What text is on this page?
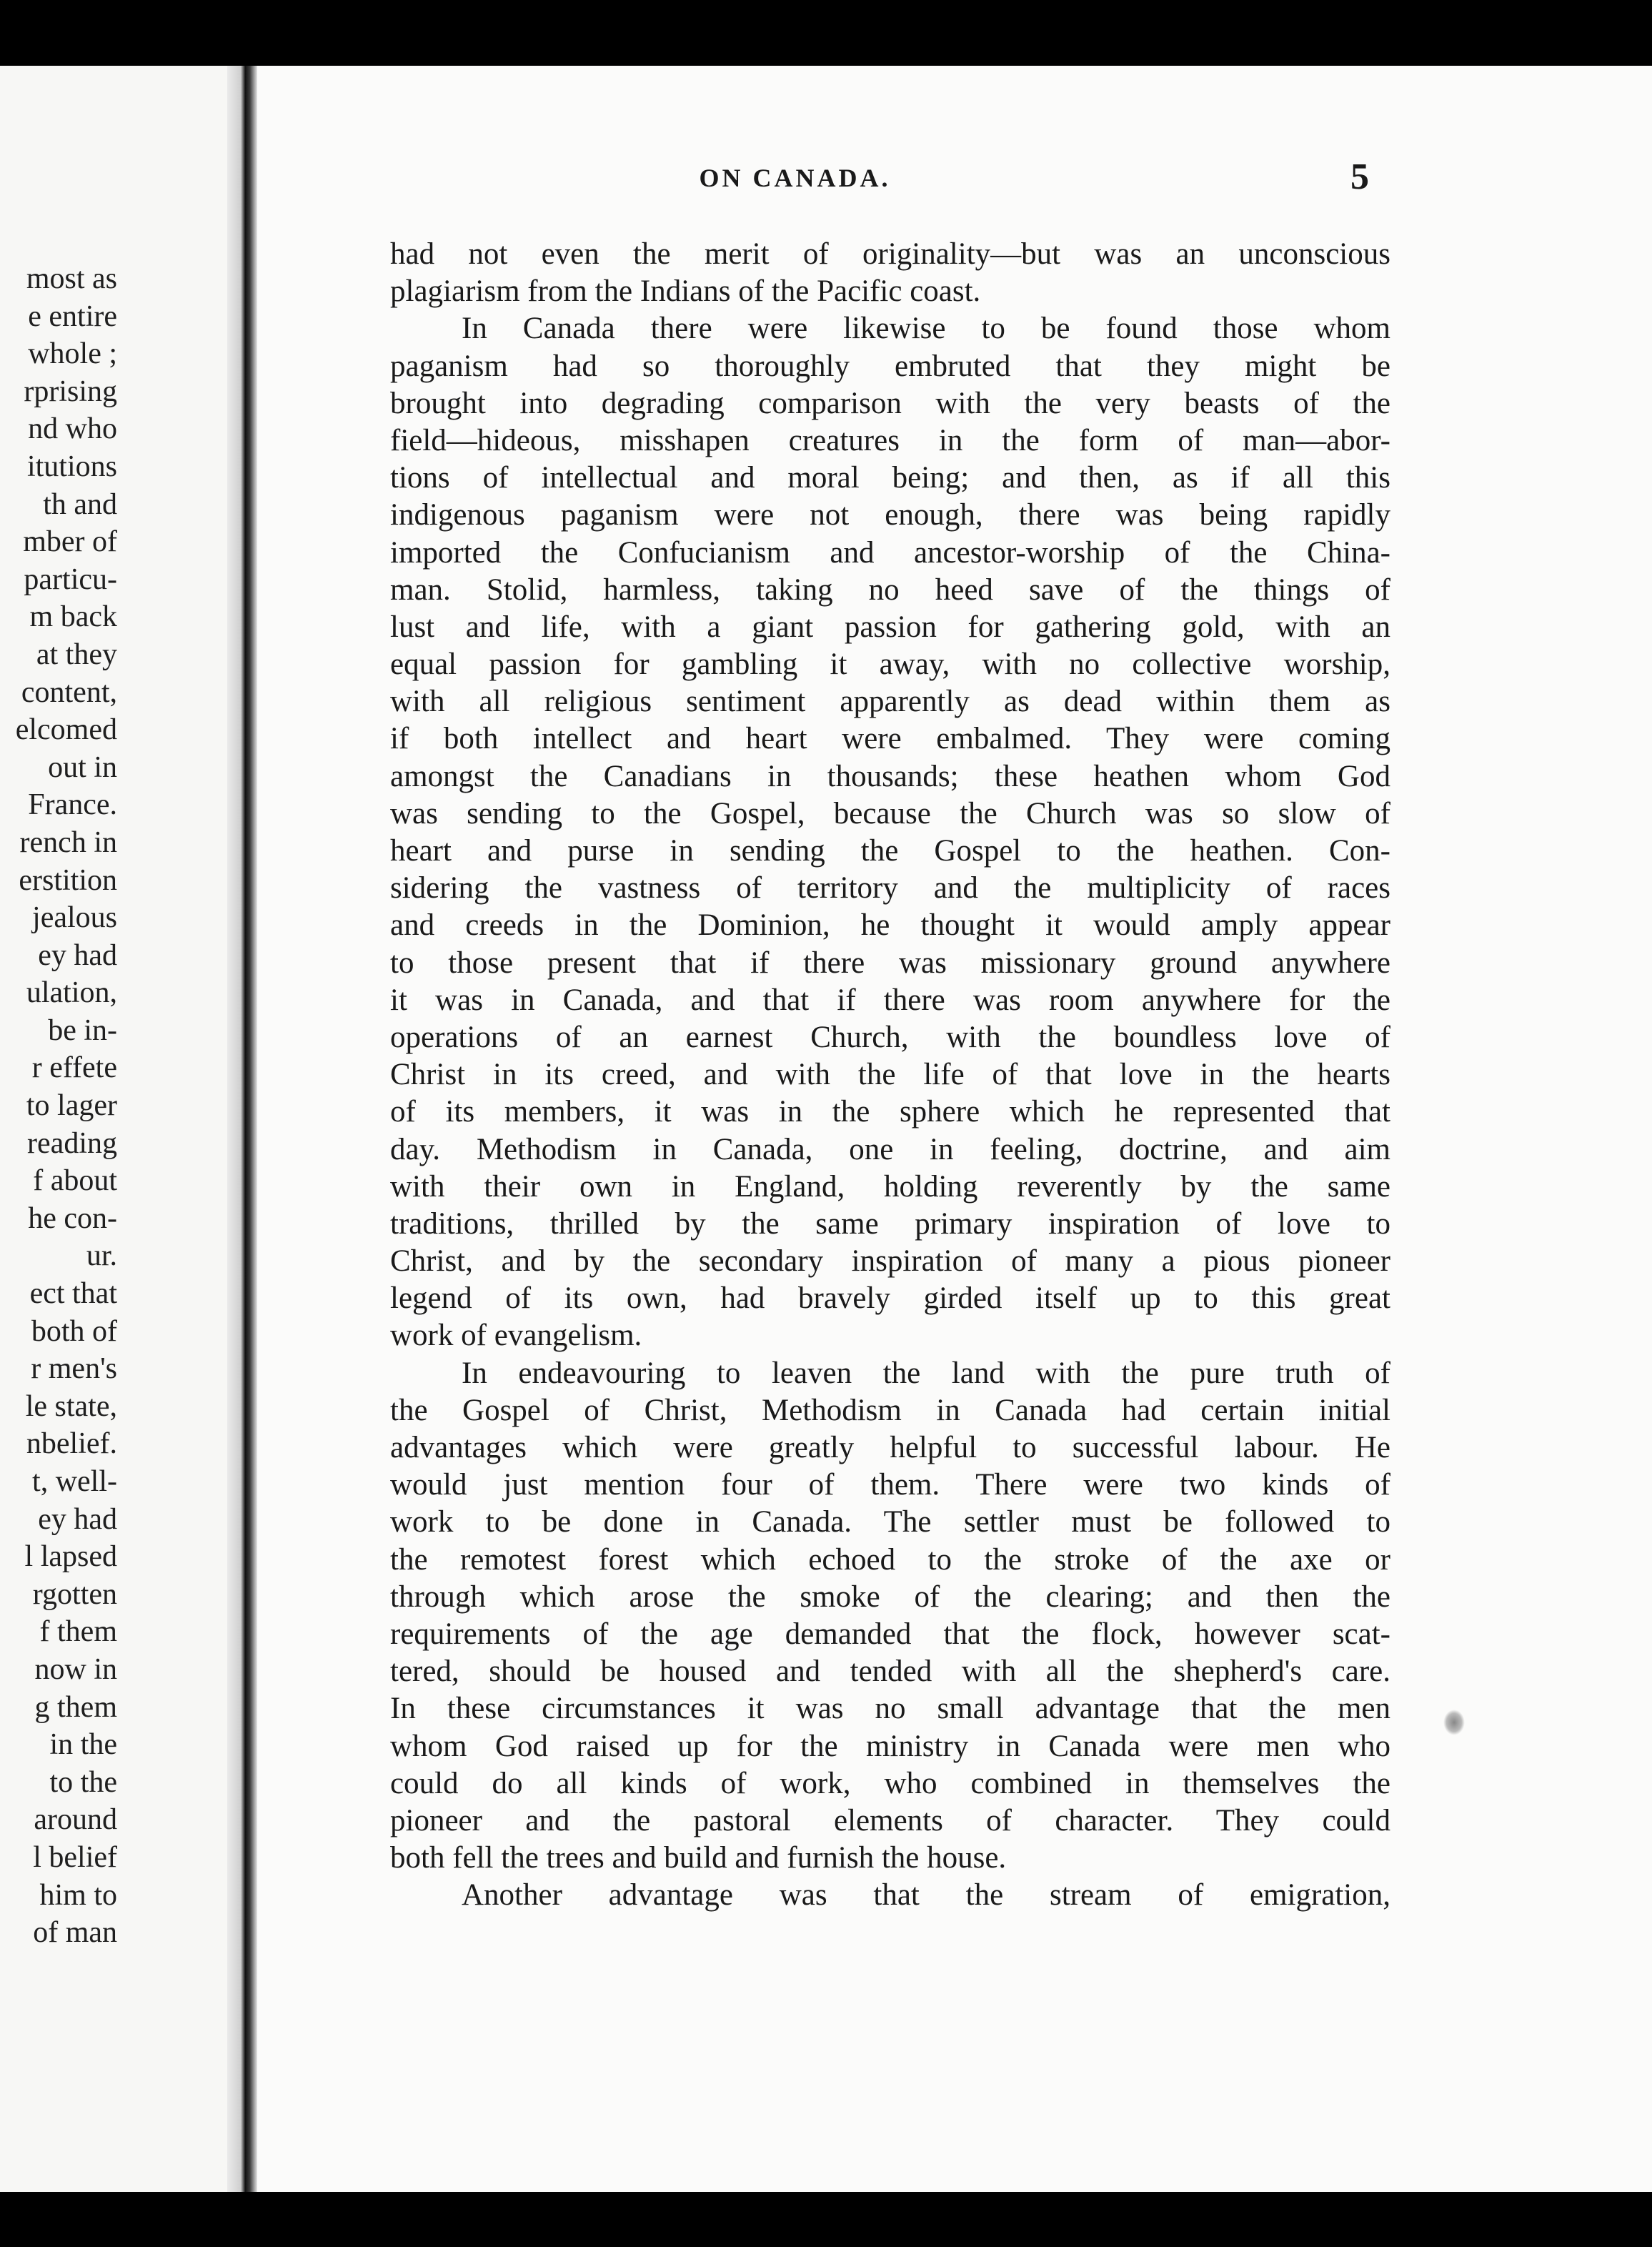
most as
e entire
whole ;
rprising
nd who
itutions
th and
mber of
particu-
m back
at they
content,
elcomed
out in
France.
rench in
erstition
jealous
ey had
ulation,
be in-
r effete
to lager
reading
f about
he con-
ur.
ect that
both of
r men's
le state,
nbelief.
t, well-
ey had
l lapsed
rgotten
f them
now in
g them
in the
to the
around
l belief
him to
of man
ON CANADA.	5
had not even the merit of originality—but was an unconscious
plagiarism from the Indians of the Pacific coast.
In Canada there were likewise to be found those whom
paganism had so thoroughly embruted that they might be
brought into degrading comparison with the very beasts of the
field—hideous, misshapen creatures in the form of man—abor-
tions of intellectual and moral being; and then, as if all this
indigenous paganism were not enough, there was being rapidly
imported the Confucianism and ancestor-worship of the China-
man. Stolid, harmless, taking no heed save of the things of
lust and life, with a giant passion for gathering gold, with an
equal passion for gambling it away, with no collective worship,
with all religious sentiment apparently as dead within them as
if both intellect and heart were embalmed. They were coming
amongst the Canadians in thousands; these heathen whom God
was sending to the Gospel, because the Church was so slow of
heart and purse in sending the Gospel to the heathen. Con-
sidering the vastness of territory and the multiplicity of races
and creeds in the Dominion, he thought it would amply appear
to those present that if there was missionary ground anywhere
it was in Canada, and that if there was room anywhere for the
operations of an earnest Church, with the boundless love of
Christ in its creed, and with the life of that love in the hearts
of its members, it was in the sphere which he represented that
day. Methodism in Canada, one in feeling, doctrine, and aim
with their own in England, holding reverently by the same
traditions, thrilled by the same primary inspiration of love to
Christ, and by the secondary inspiration of many a pious pioneer
legend of its own, had bravely girded itself up to this great
work of evangelism.
In endeavouring to leaven the land with the pure truth of
the Gospel of Christ, Methodism in Canada had certain initial
advantages which were greatly helpful to successful labour. He
would just mention four of them. There were two kinds of
work to be done in Canada. The settler must be followed to
the remotest forest which echoed to the stroke of the axe or
through which arose the smoke of the clearing; and then the
requirements of the age demanded that the flock, however scat-
tered, should be housed and tended with all the shepherd's care.
In these circumstances it was no small advantage that the men
whom God raised up for the ministry in Canada were men who
could do all kinds of work, who combined in themselves the
pioneer and the pastoral elements of character. They could
both fell the trees and build and furnish the house.
Another advantage was that the stream of emigration,
